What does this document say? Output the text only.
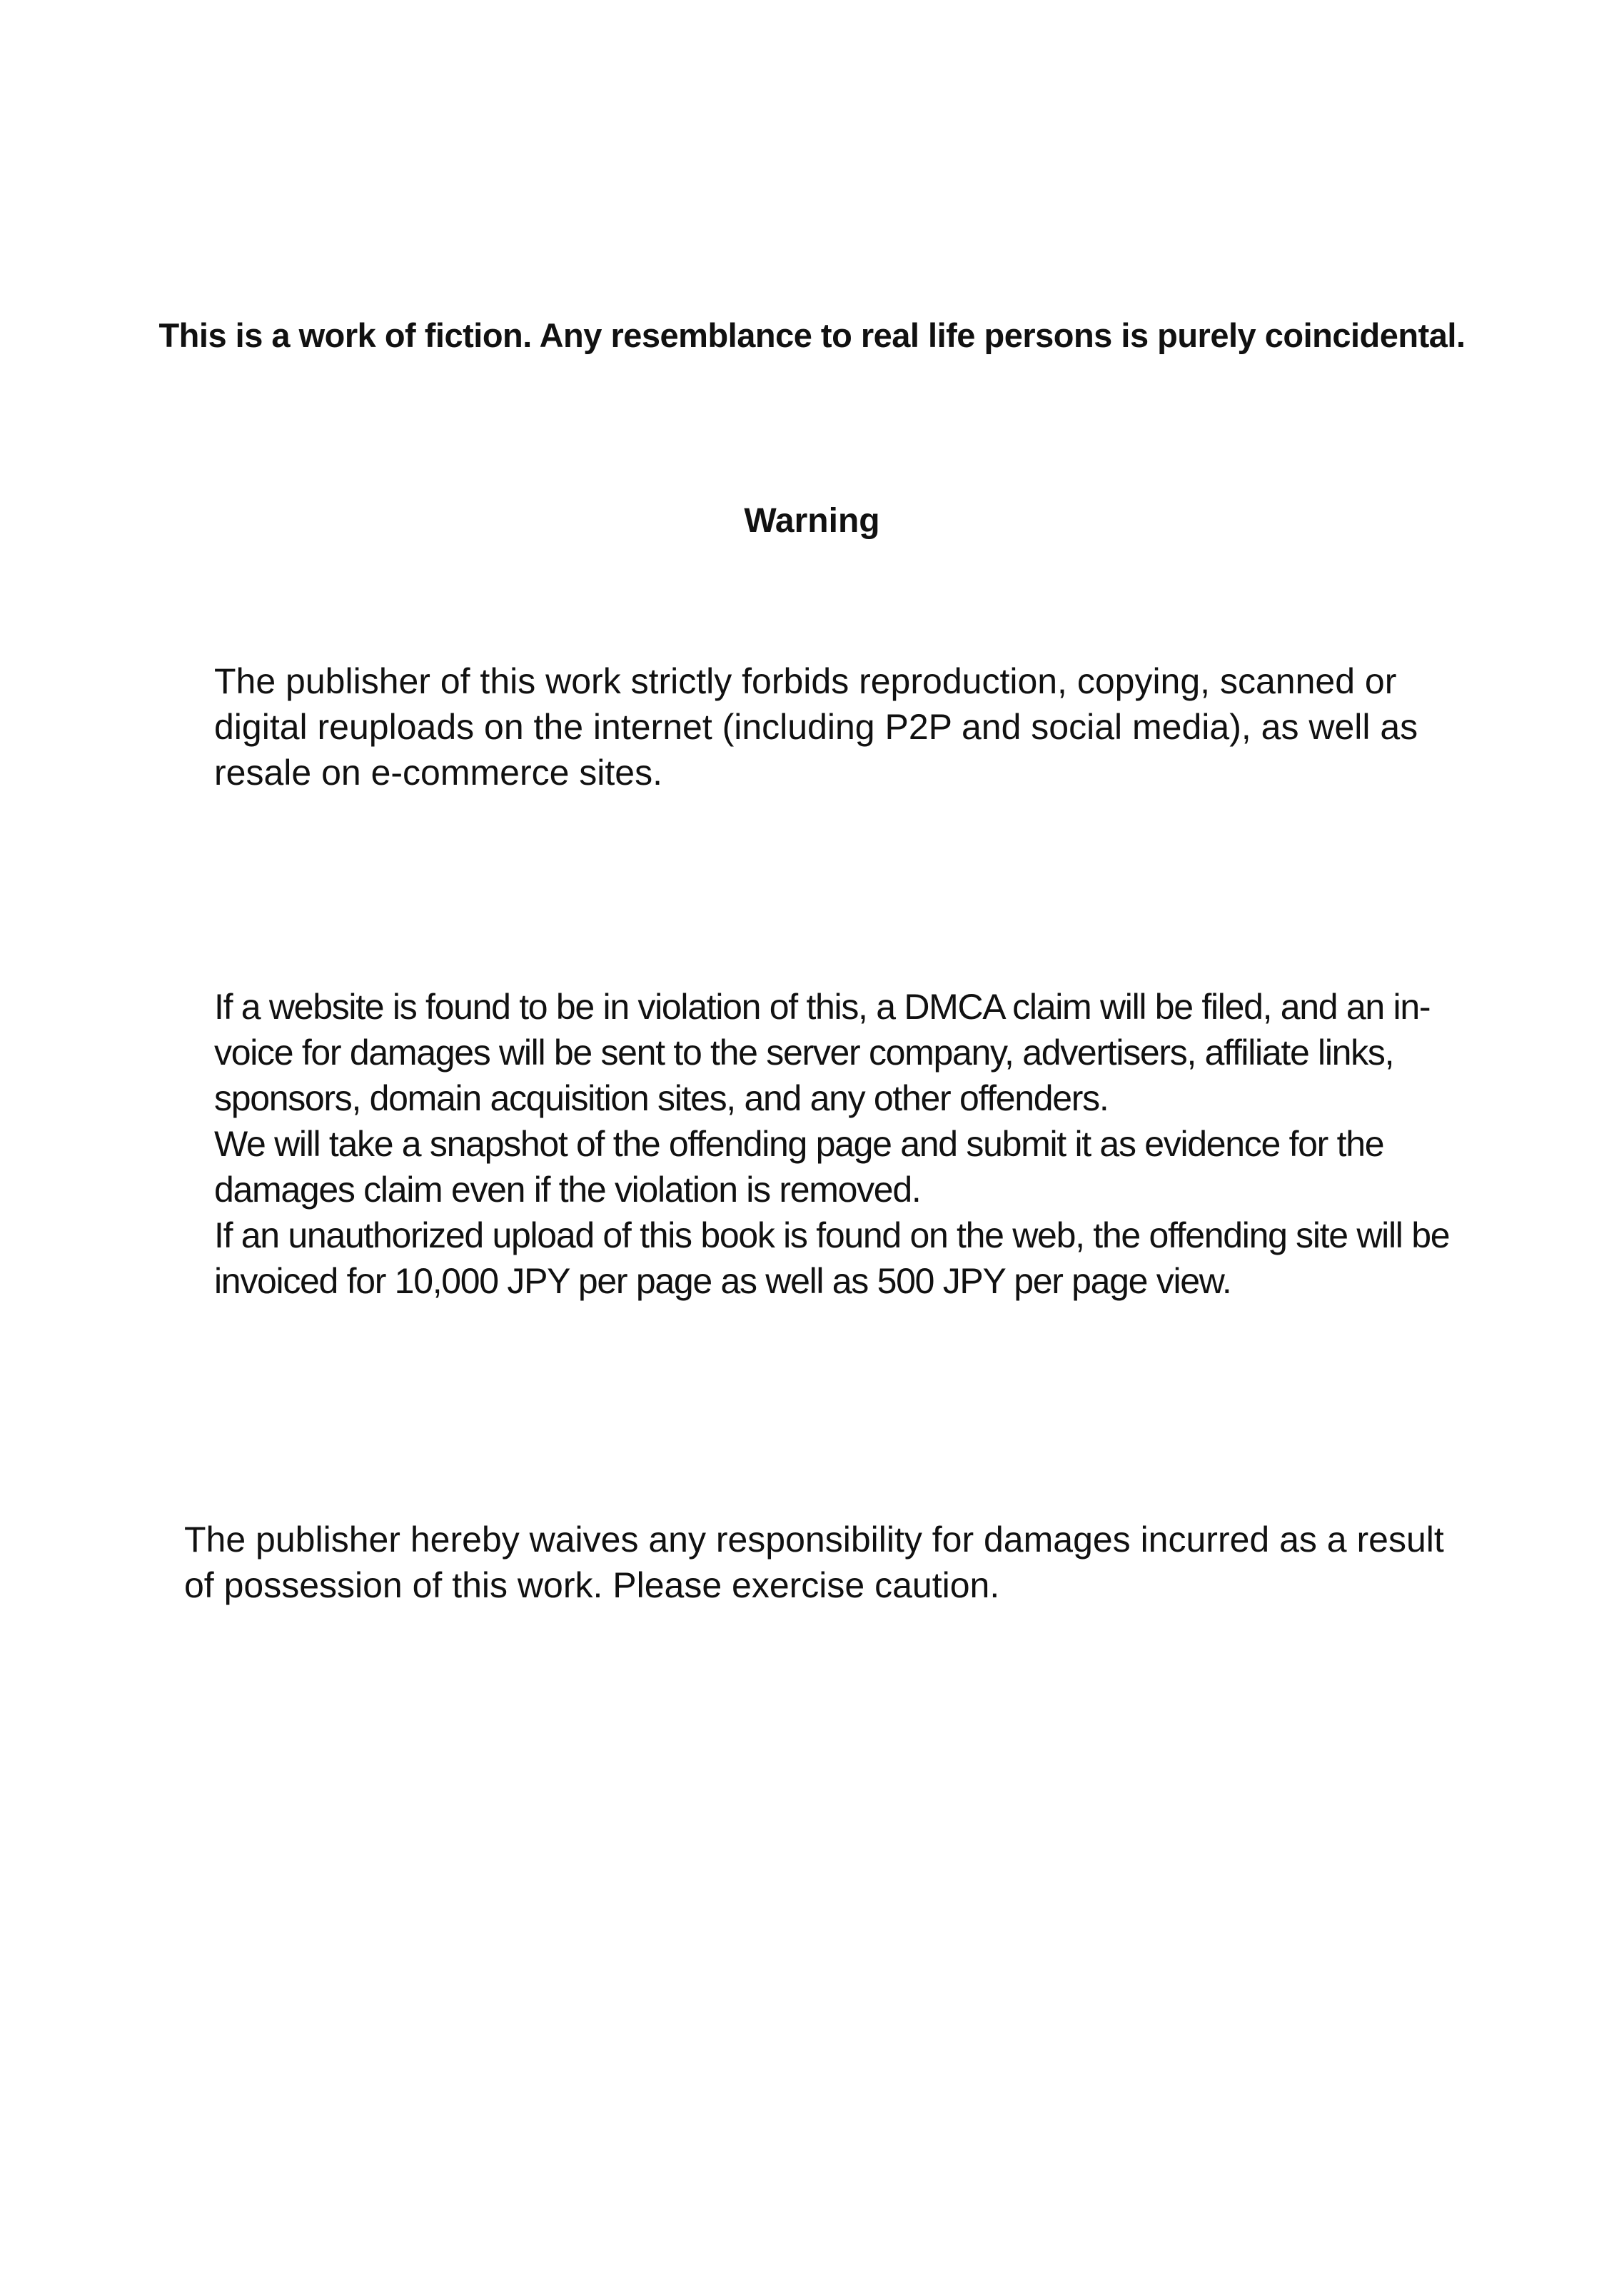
This is a work of fiction. Any resemblance to real life persons is purely coincidental.
Warning

The publisher of this work strictly forbids reproduction, copying, scanned or digital reuploads on the internet (including P2P and social media), as well as resale on e-commerce sites.

If a website is found to be in violation of this, a DMCA claim will be filed, and an in-voice for damages will be sent to the server company, advertisers, affiliate links, sponsors, domain acquisition sites, and any other offenders.
We will take a snapshot of the offending page and submit it as evidence for the damages claim even if the violation is removed.
If an unauthorized upload of this book is found on the web, the offending site will be invoiced for 10,000 JPY per page as well as 500 JPY per page view.

The publisher hereby waives any responsibility for damages incurred as a result of possession of this work. Please exercise caution.
